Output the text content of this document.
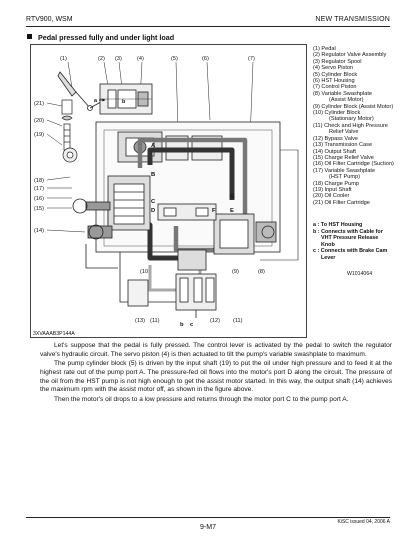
RTV900, WSM	NEW TRANSMISSION
Pedal pressed fully and under light load
(1)	(2) (3)	(4)	(5)	(6)	(7)
(21)
(20)
(19)
(18)
(17)
(16)
(15)
(14)
(13) (11)	(12) (11)
(10)	(9)	(8)
a	b
A
B
C
D	E
F
G
b c
3XVAAAB3P144A
(1) Pedal
(2) Regulator Valve Assembly
(3) Regulator Spool
(4) Servo Piston
(5) Cylinder Block
(6) HST Housing
(7) Control Piston
(8) Variable Swashplate
(Assist Motor)
(9) Cylinder Block (Assist Motor)
(10) Cylinder Block
(Stationary Motor)
(11) Check and High Pressure
Relief Valve
(12) Bypass Valve
(13) Transmission Case
(14) Output Shaft
(15) Charge Relief Valve
(16) Oil Filter Cartridge (Suction)
(17) Variable Swashplate
(HST Pump)
(18) Charge Pump
(19) Input Shaft
(20) Oil Cooler
(21) Oil Filter Cartridge
a : To HST Housing
b : Connects with Cable for
VHT Pressure Release
Knob
c : Connects with Brake Cam
Lever
W1014064

Let's suppose that the pedal is fully pressed. The control lever is activated by the pedal to switch the regulator valve's hydraulic circuit. The servo piston (4) is then actuated to tilt the pump's variable swashplate to maximum.

The pump cylinder block (5) is driven by the input shaft (19) to put the oil under high pressure and to feed it at the highest rate out of the pump port A. The pressure-fed oil flows into the motor's port D along the circuit. The pressure of the oil from the HST pump is not high enough to get the assist motor started. In this way, the output shaft (14) achieves the maximum rpm with the assist motor off, as shown in the figure above.

Then the motor's oil drops to a low pressure and returns through the motor port C to the pump port A.

9-M7
KiSC issued 04, 2006 A
